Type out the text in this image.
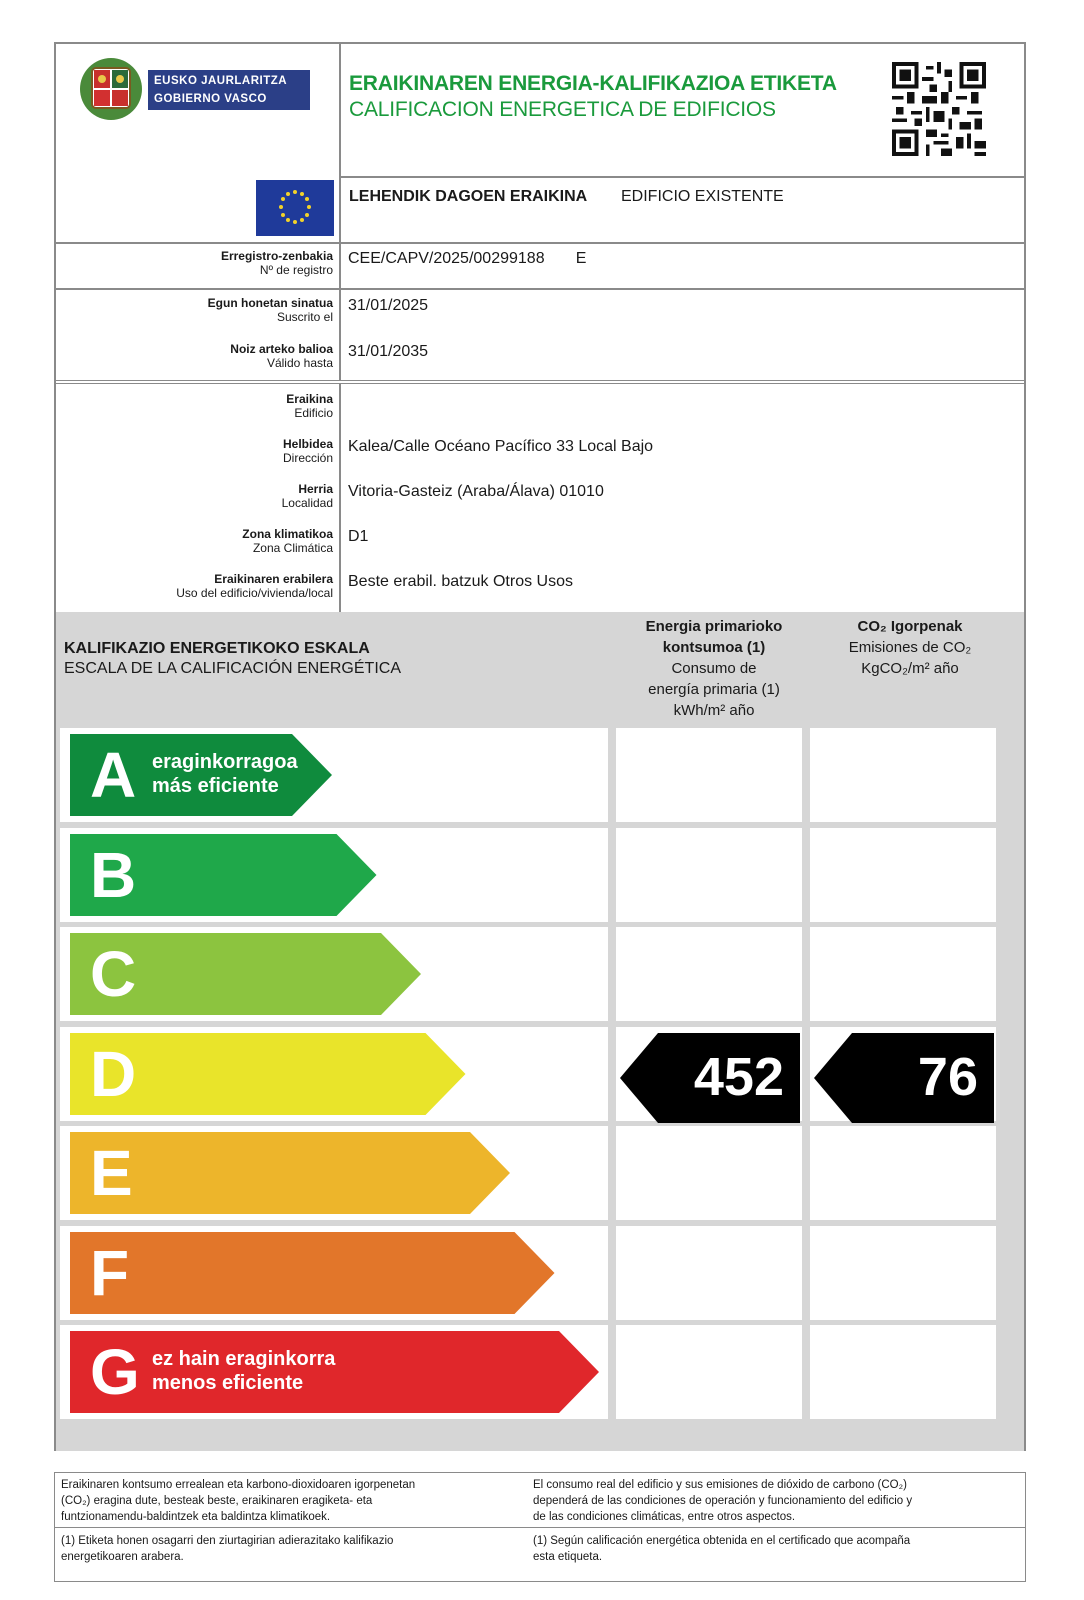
EUSKO JAURLARITZA
GOBIERNO VASCO
ERAIKINAREN ENERGIA-KALIFIKAZIOA ETIKETA
CALIFICACION ENERGETICA DE EDIFICIOS
LEHENDIK DAGOEN ERAIKINA EDIFICIO EXISTENTE
Erregistro-zenbakia
Nº de registro
CEE/CAPV/2025/00299188 E
Egun honetan sinatua
Suscrito el
Noiz arteko balioa
Válido hasta
31/01/2025
31/01/2035
Eraikina
Edificio
Helbidea
Dirección
Herria
Localidad
Zona klimatikoa
Zona Climática
Eraikinaren erabilera
Uso del edificio/vivienda/local
Kalea/Calle Océano Pacífico 33 Local Bajo
Vitoria-Gasteiz (Araba/Álava) 01010
D1
Beste erabil. batzuk Otros Usos
KALIFIKAZIO ENERGETIKOKO ESKALA
ESCALA DE LA CALIFICACIÓN ENERGÉTICA
Energia primarioko
kontsumoa (1)
Consumo de
energía primaria (1)
kWh/m² año
CO₂ Igorpenak
Emisiones de CO₂
KgCO₂/m² año
A eraginkorragoa
más eficiente
B
C
D	452 76
E
F
G ez hain eraginkorra
menos eficiente
Eraikinaren kontsumo errealean eta karbono-dioxidoaren igorpenetan
(CO₂) eragina dute, besteak beste, eraikinaren eragiketa- eta
funtzionamendu-baldintzek eta baldintza klimatikoek.
El consumo real del edificio y sus emisiones de dióxido de carbono (CO₂)
dependerá de las condiciones de operación y funcionamiento del edificio y
de las condiciones climáticas, entre otros aspectos.
(1) Etiketa honen osagarri den ziurtagirian adierazitako kalifikazio
energetikoaren arabera.
(1) Según calificación energética obtenida en el certificado que acompaña
esta etiqueta.
